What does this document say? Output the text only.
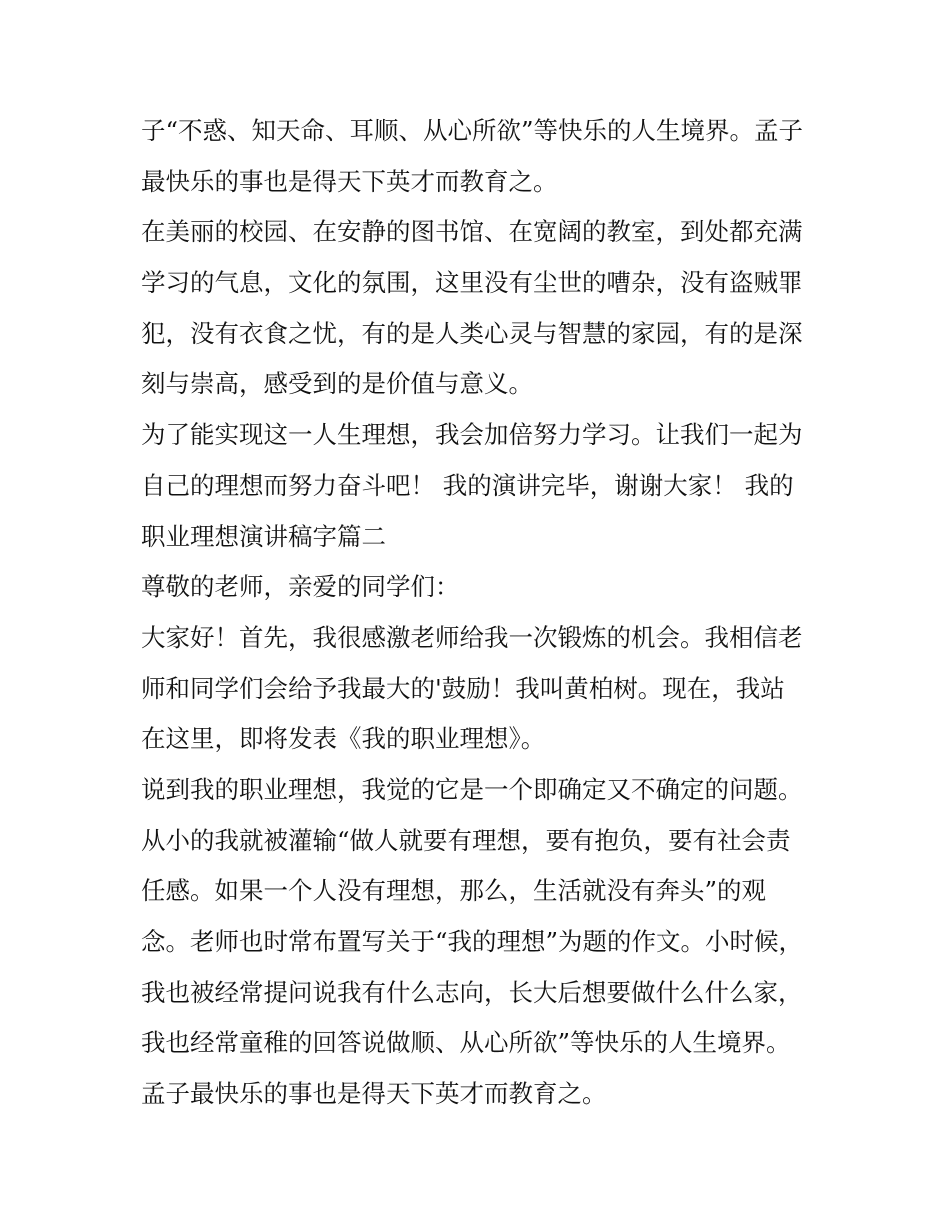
子“不惑、知天命、耳顺、从心所欲”等快乐的人生境界。孟子
最快乐的事也是得天下英才而教育之。
在美丽的校园、在安静的图书馆、在宽阔的教室，到处都充满
学习的气息，文化的氛围，这里没有尘世的嘈杂，没有盗贼罪
犯，没有衣食之忧，有的是人类心灵与智慧的家园，有的是深
刻与崇高，感受到的是价值与意义。
为了能实现这一人生理想，我会加倍努力学习。让我们一起为
自己的理想而努力奋斗吧！ 我的演讲完毕，谢谢大家！ 我的
职业理想演讲稿字篇二
尊敬的老师，亲爱的同学们：
大家好！首先，我很感激老师给我一次锻炼的机会。我相信老
师和同学们会给予我最大的'鼓励！我叫黄柏树。现在，我站
在这里，即将发表《我的职业理想》。
说到我的职业理想，我觉的它是一个即确定又不确定的问题。
从小的我就被灌输“做人就要有理想，要有抱负，要有社会责
任感。如果一个人没有理想，那么，生活就没有奔头”的观
念。老师也时常布置写关于“我的理想”为题的作文。小时候，
我也被经常提问说我有什么志向，长大后想要做什么什么家，
我也经常童稚的回答说做顺、从心所欲”等快乐的人生境界。
孟子最快乐的事也是得天下英才而教育之。
